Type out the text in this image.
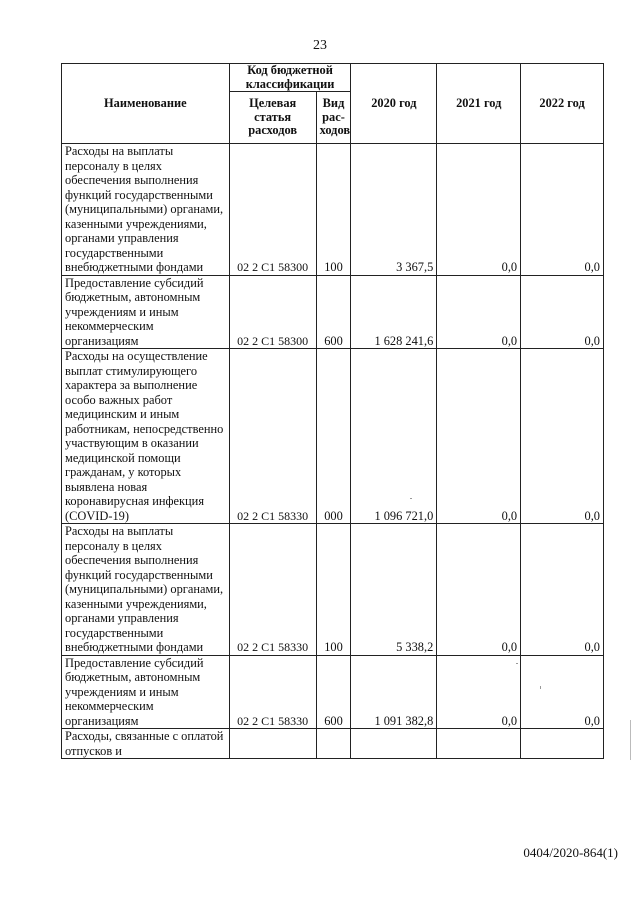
23
Наименование	Код бюджетной классификации		2020 год	2021 год	2022 год
	Целевая статья расходов	Вид рас-ходов			
Расходы на выплаты персоналу в целях обеспечения выполнения функций государственными (муниципальными) органами, казенными учреждениями, органами управления государственными внебюджетными фондами	02 2 С1 58300	100	3 367,5	0,0	0,0
Предоставление субсидий бюджетным, автономным учреждениям и иным некоммерческим организациям	02 2 С1 58300	600	1 628 241,6	0,0	0,0
Расходы на осуществление выплат стимулирующего характера за выполнение особо важных работ медицинским и иным работникам, непосредственно участвующим в оказании медицинской помощи гражданам, у которых выявлена новая коронавирусная инфекция (COVID-19)	02 2 С1 58330	000	1 096 721,0	0,0	0,0
Расходы на выплаты персоналу в целях обеспечения выполнения функций государственными (муниципальными) органами, казенными учреждениями, органами управления государственными внебюджетными фондами	02 2 С1 58330	100	5 338,2	0,0	0,0
Предоставление субсидий бюджетным, автономным учреждениям и иным некоммерческим организациям	02 2 С1 58330	600	1 091 382,8	0,0	0,0
Расходы, связанные с оплатой отпусков и					
0404/2020-864(1)
